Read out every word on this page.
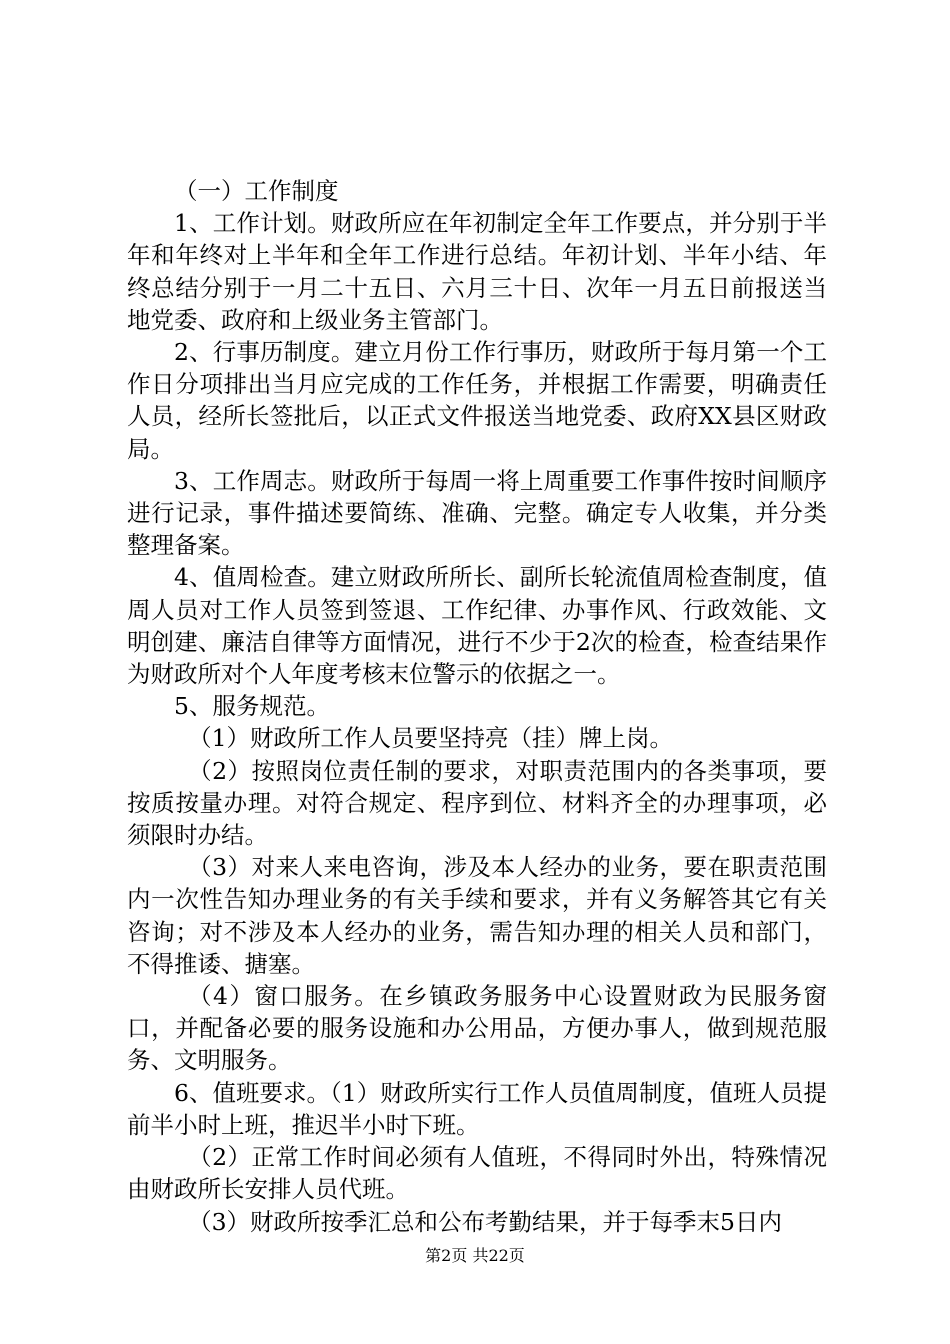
（一）工作制度

1、工作计划。财政所应在年初制定全年工作要点，并分别于半年和年终对上半年和全年工作进行总结。年初计划、半年小结、年终总结分别于一月二十五日、六月三十日、次年一月五日前报送当地党委、政府和上级业务主管部门。

2、行事历制度。建立月份工作行事历，财政所于每月第一个工作日分项排出当月应完成的工作任务，并根据工作需要，明确责任人员，经所长签批后，以正式文件报送当地党委、政府XX县区财政局。

3、工作周志。财政所于每周一将上周重要工作事件按时间顺序进行记录，事件描述要简练、准确、完整。确定专人收集，并分类整理备案。

4、值周检查。建立财政所所长、副所长轮流值周检查制度，值周人员对工作人员签到签退、工作纪律、办事作风、行政效能、文明创建、廉洁自律等方面情况，进行不少于2次的检查，检查结果作为财政所对个人年度考核末位警示的依据之一。

5、服务规范。

（1）财政所工作人员要坚持亮（挂）牌上岗。

（2）按照岗位责任制的要求，对职责范围内的各类事项，要按质按量办理。对符合规定、程序到位、材料齐全的办理事项，必须限时办结。

（3）对来人来电咨询，涉及本人经办的业务，要在职责范围内一次性告知办理业务的有关手续和要求，并有义务解答其它有关咨询；对不涉及本人经办的业务，需告知办理的相关人员和部门，不得推诿、搪塞。

（4）窗口服务。在乡镇政务服务中心设置财政为民服务窗口，并配备必要的服务设施和办公用品，方便办事人，做到规范服务、文明服务。

6、值班要求。（1）财政所实行工作人员值周制度，值班人员提前半小时上班，推迟半小时下班。

（2）正常工作时间必须有人值班，不得同时外出，特殊情况由财政所长安排人员代班。

（3）财政所按季汇总和公布考勤结果，并于每季末5日内

第2页 共22页
